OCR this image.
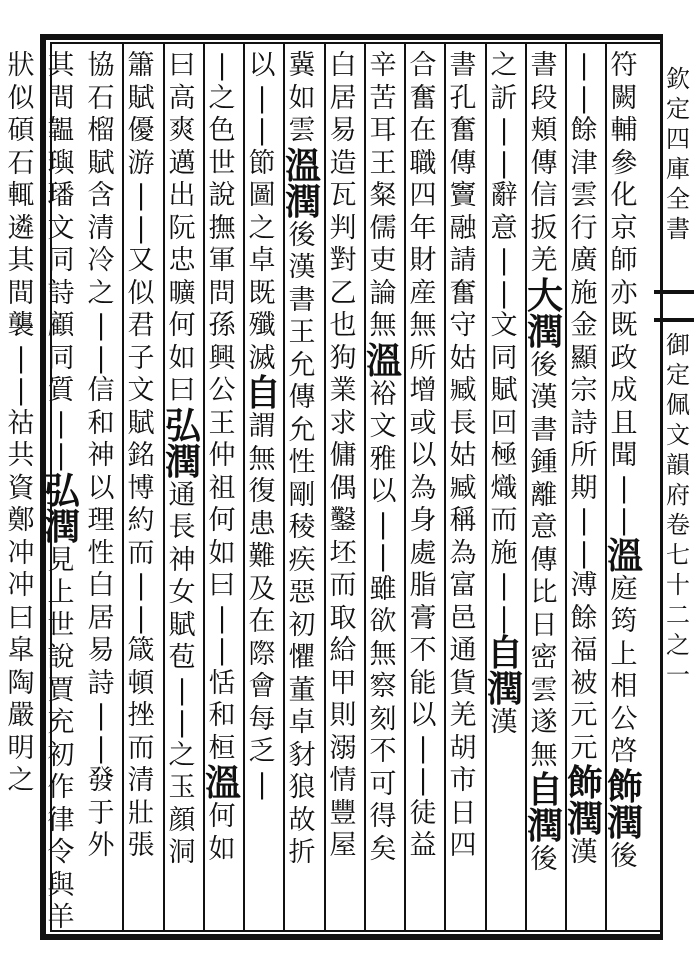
符
闕
輔
參
化
京
師
亦
既
政
成
且
聞
|
|
溫
庭
筠
上
相
公
啓
飾
潤
後
|
|
餘
津
雲
行
廣
施
金
顯
宗
詩
所
期
|
|
溥
餘
福
被
元
元
飾
潤
漢
書
段
頬
傳
信
扳
羌
大
潤
後
漢
書
鍾
離
意
傳
比
日
密
雲
遂
無
自
潤
後
之
訢
|
|
辭
意
|
|
文
同
賦
回
極
熾
而
施
|
|
自
潤
漢
書
孔
奮
傳
竇
融
請
奮
守
姑
臧
長
姑
臧
稱
為
富
邑
通
貨
羌
胡
市
日
四
合
奮
在
職
四
年
財
産
無
所
增
或
以
為
身
處
脂
膏
不
能
以
|
|
徒
益
辛
苦
耳
王
粲
儒
吏
論
無
溫
裕
文
雅
以
|
|
雖
欲
無
察
刻
不
可
得
矣
白
居
易
造
瓦
判
對
乙
也
狗
業
求
傭
偶
鑿
坯
而
取
給
甲
則
溺
情
豐
屋
冀
如
雲
溫
潤
後
漢
書
王
允
傳
允
性
剛
稜
疾
惡
初
懼
董
卓
豺
狼
故
折
以
|
|
節
圖
之
卓
既
殲
滅
自
謂
無
復
患
難
及
在
際
會
每
乏
|
|
之
色
世
說
撫
軍
問
孫
興
公
王
仲
祖
何
如
曰
|
|
恬
和
桓
溫
何
如
曰
高
爽
邁
出
阮
忠
曠
何
如
曰
弘
潤
通
長
神
女
賦
苞
|
|
之
玉
顔
洞
簫
賦
優
游
|
|
又
似
君
子
文
賦
銘
博
約
而
|
|
箴
頓
挫
而
清
壯
張
協
石
榴
賦
含
清
冷
之
|
|
信
和
神
以
理
性
白
居
易
詩
|
|
發
于
外
其
間
韞
璵
璠
文
同
詩
顧
同
質
|
|
弘
潤
見
上
世
說
賈
充
初
作
律
令
與
羊
狀
似
碩
石
輒
遴
其
間
襲
|
|
祜
共
資
鄭
冲
冲
曰
皐
陶
嚴
明
之
欽
定
四
庫
全
書
御
定
佩
文
韻
府
卷
七
十
二
之
一
